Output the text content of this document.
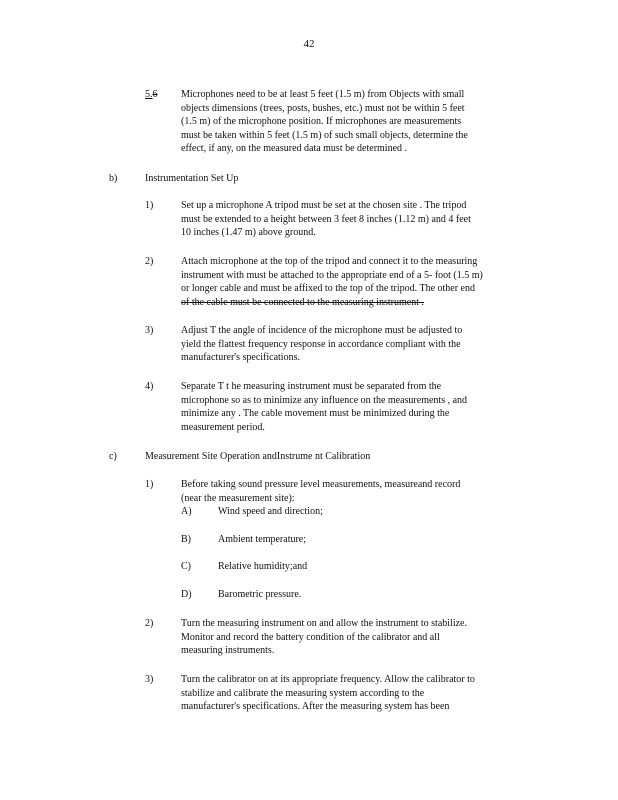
42
5.6 Microphones need to be at least 5 feet (1.5 m) from Objects with small
objects dimensions (trees, posts, bushes, etc.) must not be within 5 feet
(1.5 m) of the microphone position. If microphones are measurements
must be taken within 5 feet (1.5 m) of such small objects, determine the
effect, if any, on the measured data must be determined .
b)	Instrumentation Set Up
1)	Set up a microphone A tripod must be set at the chosen site . The tripod
must be extended to a height between 3 feet 8 inches (1.12 m) and 4 feet
10 inches (1.47 m) above ground.
2)	Attach microphone at the top of the tripod and connect it to the measuring
instrument with must be attached to the appropriate end of a 5- foot (1.5 m)
or longer cable and must be affixed to the top of the tripod. The other end
of the cable must be connected to the measuring instrument .
3)	Adjust T the angle of incidence of the microphone must be adjusted to
yield the flattest frequency response in accordance compliant with the
manufacturer's specifications.
4)	Separate T t he measuring instrument must be separated from the
microphone so as to minimize any influence on the measurements , and
minimize any . The cable movement must be minimized during the
measurement period.
c)	Measurement Site Operation andInstrume nt Calibration
1)	Before taking sound pressure level measurements, measureand record
(near the measurement site):
A)	Wind speed and direction;
B)	Ambient temperature;
C)	Relative humidity;and
D)	Barometric pressure.
2)	Turn the measuring instrument on and allow the instrument to stabilize.
Monitor and record the battery condition of the calibrator and all
measuring instruments.
3)	Turn the calibrator on at its appropriate frequency. Allow the calibrator to
stabilize and calibrate the measuring system according to the
manufacturer's specifications. After the measuring system has been
